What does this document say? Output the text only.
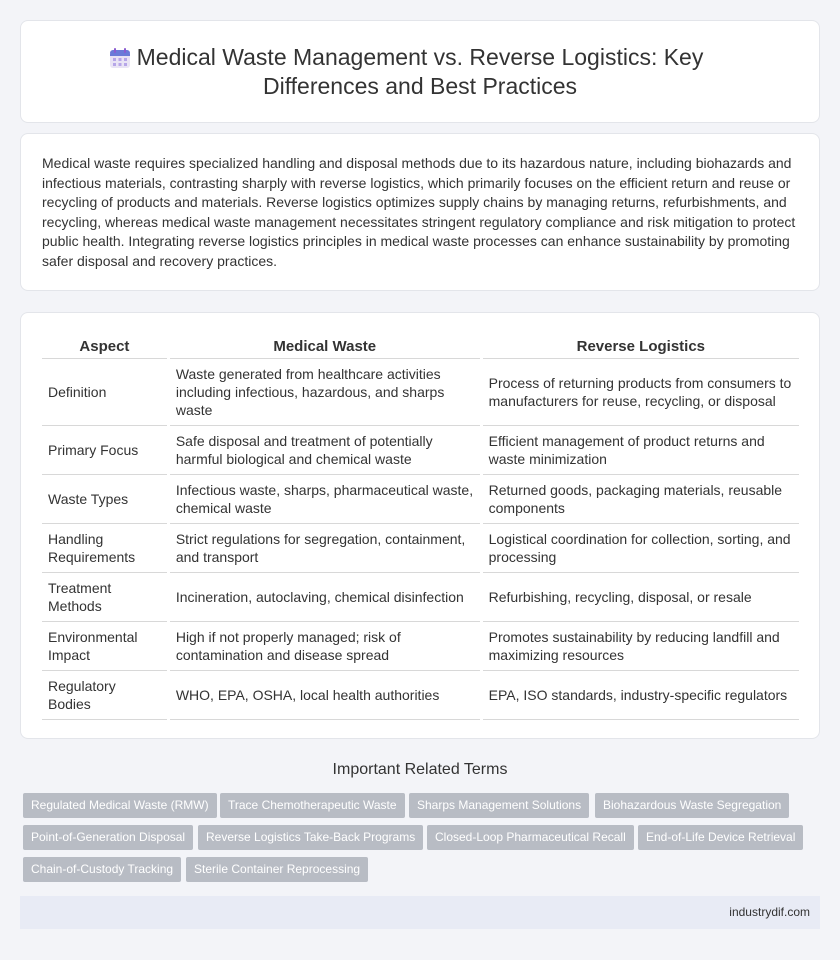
Medical Waste Management vs. Reverse Logistics: Key Differences and Best Practices

Medical waste requires specialized handling and disposal methods due to its hazardous nature, including biohazards and infectious materials, contrasting sharply with reverse logistics, which primarily focuses on the efficient return and reuse or recycling of products and materials. Reverse logistics optimizes supply chains by managing returns, refurbishments, and recycling, whereas medical waste management necessitates stringent regulatory compliance and risk mitigation to protect public health. Integrating reverse logistics principles in medical waste processes can enhance sustainability by promoting safer disposal and recovery practices.

Aspect	Medical Waste	Reverse Logistics
Definition	Waste generated from healthcare activities including infectious, hazardous, and sharps waste	Process of returning products from consumers to manufacturers for reuse, recycling, or disposal
Primary Focus	Safe disposal and treatment of potentially harmful biological and chemical waste	Efficient management of product returns and waste minimization
Waste Types	Infectious waste, sharps, pharmaceutical waste, chemical waste	Returned goods, packaging materials, reusable components
Handling Requirements	Strict regulations for segregation, containment, and transport	Logistical coordination for collection, sorting, and processing
Treatment Methods	Incineration, autoclaving, chemical disinfection	Refurbishing, recycling, disposal, or resale
Environmental Impact	High if not properly managed; risk of contamination and disease spread	Promotes sustainability by reducing landfill and maximizing resources
Regulatory Bodies	WHO, EPA, OSHA, local health authorities	EPA, ISO standards, industry-specific regulators
Important Related Terms
Regulated Medical Waste (RMW)	Trace Chemotherapeutic Waste	Sharps Management Solutions	Biohazardous Waste Segregation
Point-of-Generation Disposal	Reverse Logistics Take-Back Programs	Closed-Loop Pharmaceutical Recall	End-of-Life Device Retrieval
Chain-of-Custody Tracking	Sterile Container Reprocessing
industrydif.com
